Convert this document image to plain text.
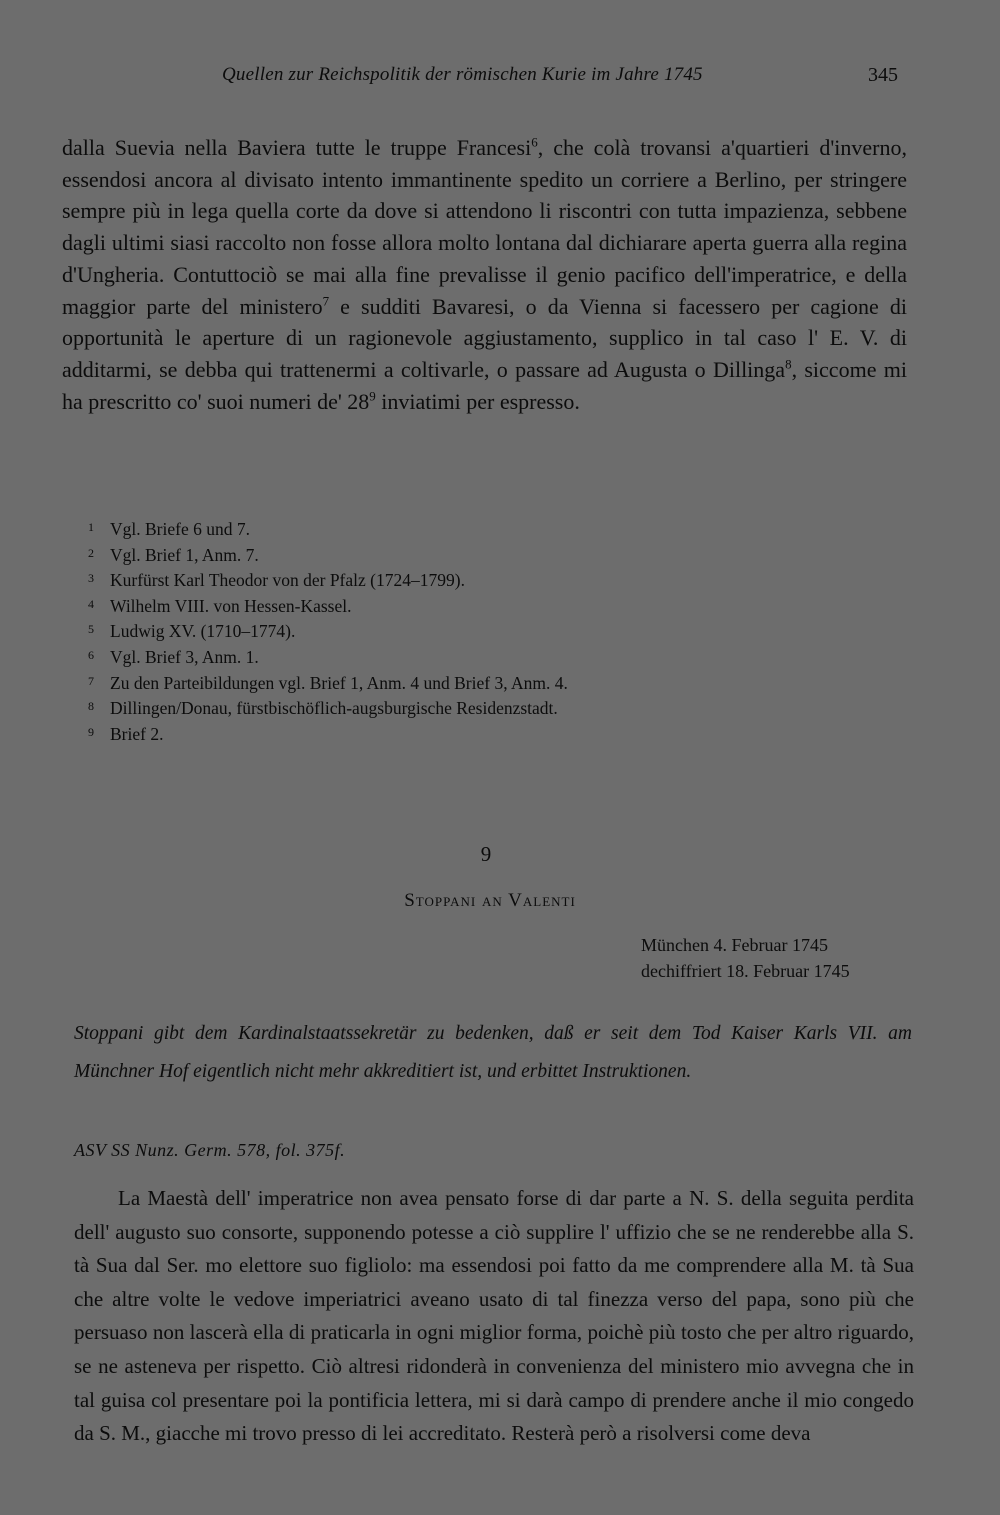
Quellen zur Reichspolitik der römischen Kurie im Jahre 1745	345

dalla Suevia nella Baviera tutte le truppe Francesi$^6$, che colà trovansi a'quartieri d'inverno, essendosi ancora al divisato intento immantinente spedito un corriere a Berlino, per stringere sempre più in lega quella corte da dove si attendono li riscontri con tutta impazienza, sebbene dagli ultimi siasi raccolto non fosse allora molto lontana dal dichiarare aperta guerra alla regina d'Ungheria. Contuttociò se mai alla fine prevalisse il genio pacifico dell'imperatrice, e della maggior parte del ministero$^7$ e sudditi Bavaresi, o da Vienna si facessero per cagione di opportunità le aperture di un ragionevole aggiustamento, supplico in tal caso l' E. V. di additarmi, se debba qui trattenermi a coltivarle, o passare ad Augusta o Dillinga$^8$, siccome mi ha prescritto co' suoi numeri de' $28^9$ inviatimi per espresso.

1 Vgl. Briefe 6 und 7.
2 Vgl. Brief 1, Anm. 7.
3 Kurfürst Karl Theodor von der Pfalz (1724–1799).
4 Wilhelm VIII. von Hessen-Kassel.
5 Ludwig XV. (1710–1774).
6 Vgl. Brief 3, Anm. 1.
7 Zu den Parteibildungen vgl. Brief 1, Anm. 4 und Brief 3, Anm. 4.
8 Dillingen/Donau, fürstbischöflich-augsburgische Residenzstadt.
9 Brief 2.
9
Stoppani an Valenti
München 4. Februar 1745
dechiffriert 18. Februar 1745
Stoppani gibt dem Kardinalstaatssekretär zu bedenken, daß er seit dem Tod Kaiser Karls VII. am Münchner Hof eigentlich nicht mehr akkreditiert ist, und erbittet Instruktionen.
ASV SS Nunz. Germ. 578, fol. 375f.

La Maestà dell' imperatrice non avea pensato forse di dar parte a N. S. della seguita perdita dell' augusto suo consorte, supponendo potesse a ciò supplire l' uffizio che se ne renderebbe alla S. tà Sua dal Ser. mo elettore suo figliolo: ma essendosi poi fatto da me comprendere alla M. tà Sua che altre volte le vedove imperiatrici aveano usato di tal finezza verso del papa, sono più che persuaso non lascerà ella di praticarla in ogni miglior forma, poichè più tosto che per altro riguardo, se ne asteneva per rispetto. Ciò altresi ridonderà in convenienza del ministero mio avvegna che in tal guisa col presentare poi la pontificia lettera, mi si darà campo di prendere anche il mio congedo da S. M., giacche mi trovo presso di lei accreditato. Resterà però a risolversi come deva
